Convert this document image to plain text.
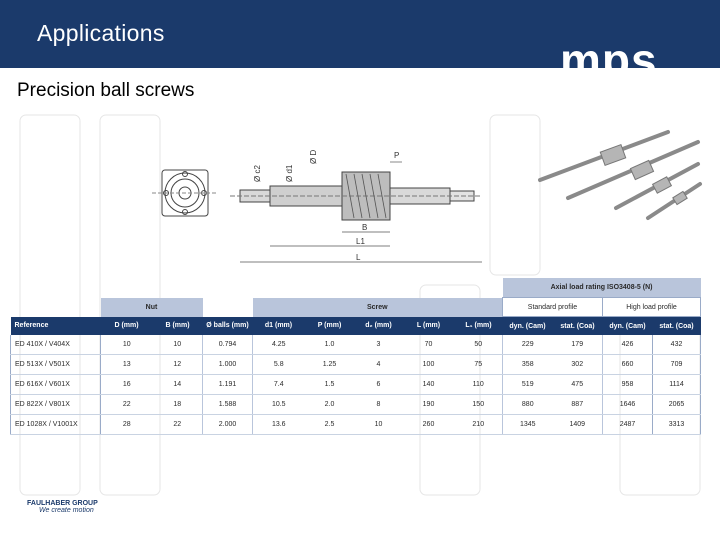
Applications
mps
Precision ball screws
Ø D
Ø d1
Ø c2
P
B
L1
L
									Axial load rating ISO3408-5 (N)			
	Nut			Screw					Standard profile		High load profile	
Reference	D (mm)	B (mm)	Ø balls (mm)	d1 (mm)	P (mm)	d₂ (mm)	L (mm)	L₁ (mm)	dyn. (Cam)	stat. (Coa)	dyn. (Cam)	stat. (Coa)
ED 410X / V404X	10	10	0.794	4.25	1.0	3	70	50	229	179	426	432
ED 513X / V501X	13	12	1.000	5.8	1.25	4	100	75	358	302	660	709
ED 616X / V601X	16	14	1.191	7.4	1.5	6	140	110	519	475	958	1114
ED 822X / V801X	22	18	1.588	10.5	2.0	8	190	150	880	887	1646	2065
ED 1028X / V1001X	28	22	2.000	13.6	2.5	10	260	210	1345	1409	2487	3313
FAULHABER GROUP
We create motion
